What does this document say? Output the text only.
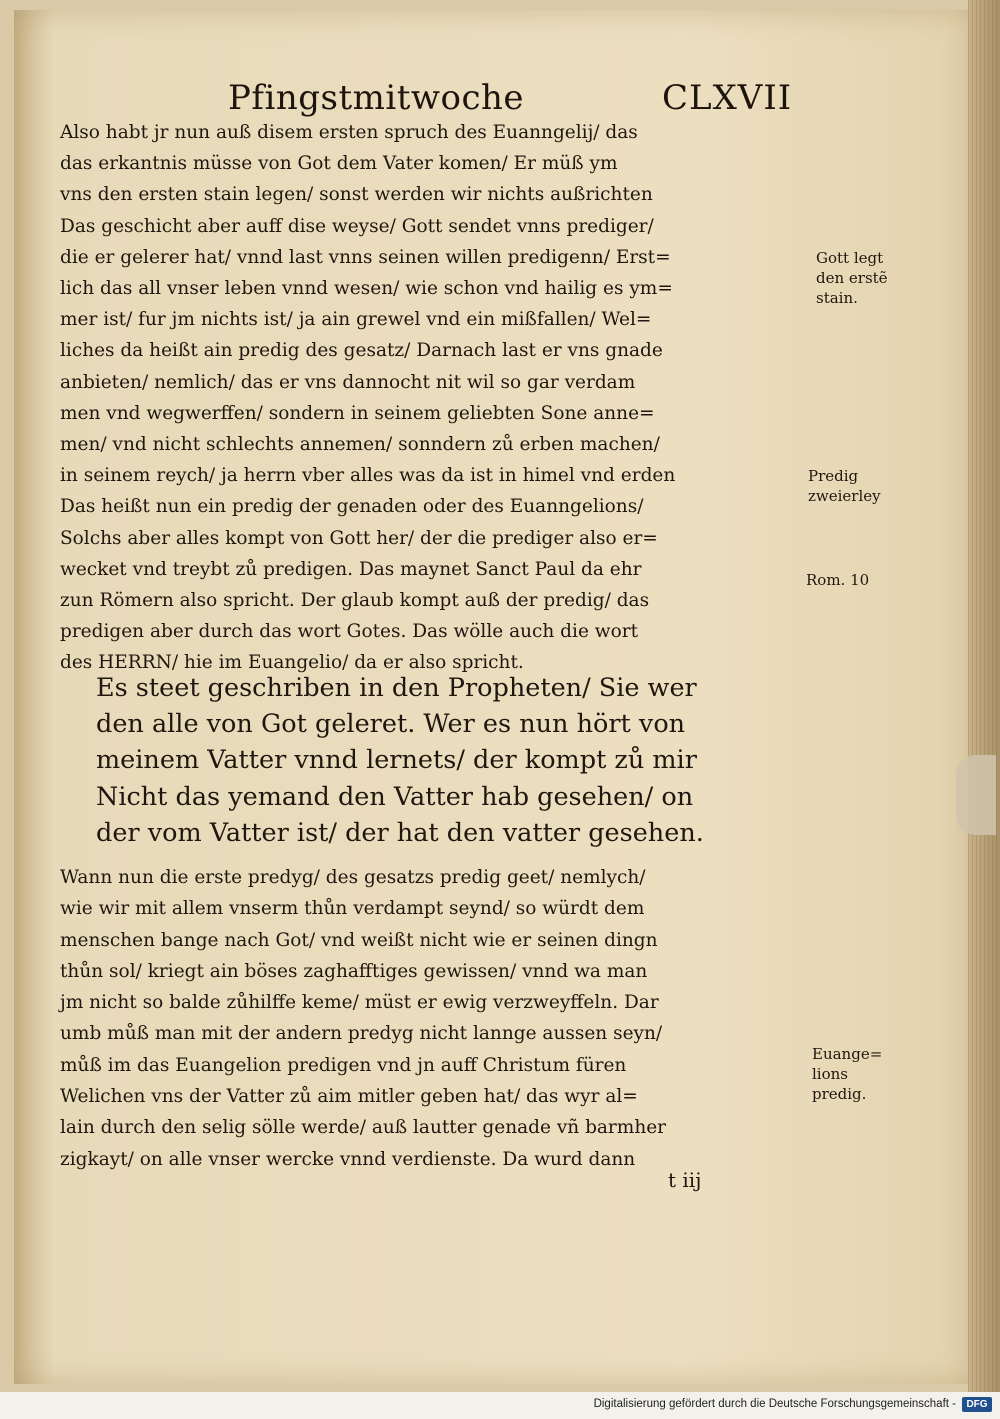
Pfingstmitwoche	CLXVII
Also habt jr nun auß disem ersten spruch des Euanngelij/ das
das erkantnis müsse von Got dem Vater komen/ Er müß ym
vns den ersten stain legen/ sonst werden wir nichts außrichten
Das geschicht aber auff dise weyse/ Gott sendet vnns prediger/
die er gelerer hat/ vnnd last vnns seinen willen predigenn/ Erst=
lich das all vnser leben vnnd wesen/ wie schon vnd hailig es ym=
mer ist/ fur jm nichts ist/ ja ain grewel vnd ein mißfallen/ Wel=
liches da heißt ain predig des gesatz/ Darnach last er vns gnade
anbieten/ nemlich/ das er vns dannocht nit wil so gar verdam
men vnd wegwerffen/ sondern in seinem geliebten Sone anne=
men/ vnd nicht schlechts annemen/ sonndern zů erben machen/
in seinem reych/ ja herrn vber alles was da ist in himel vnd erden
Das heißt nun ein predig der genaden oder des Euanngelions/
Solchs aber alles kompt von Gott her/ der die prediger also er=
wecket vnd treybt zů predigen. Das maynet Sanct Paul da ehr
zun Römern also spricht. Der glaub kompt auß der predig/ das
predigen aber durch das wort Gotes. Das wölle auch die wort
des HERRN/ hie im Euangelio/ da er also spricht.
Es steet geschriben in den Propheten/ Sie wer
den alle von Got geleret. Wer es nun hört von
meinem Vatter vnnd lernets/ der kompt zů mir
Nicht das yemand den Vatter hab gesehen/ on
der vom Vatter ist/ der hat den vatter gesehen.
Wann nun die erste predyg/ des gesatzs predig geet/ nemlych/
wie wir mit allem vnserm thůn verdampt seynd/ so würdt dem
menschen bange nach Got/ vnd weißt nicht wie er seinen dingn
thůn sol/ kriegt ain böses zaghafftiges gewissen/ vnnd wa man
jm nicht so balde zůhilffe keme/ müst er ewig verzweyffeln. Dar
umb můß man mit der andern predyg nicht lannge aussen seyn/
můß im das Euangelion predigen vnd jn auff Christum füren
Welichen vns der Vatter zů aim mitler geben hat/ das wyr al=
lain durch den selig sölle werde/ auß lautter genade vñ barmher
zigkayt/ on alle vnser wercke vnnd verdienste. Da wurd dann
t iij
Gott legt
den erstẽ
stain.
Predig
zweierley
Rom. 10
Euange=
lions
predig.
Digitalisierung gefördert durch die Deutsche Forschungsgemeinschaft -	DFG
